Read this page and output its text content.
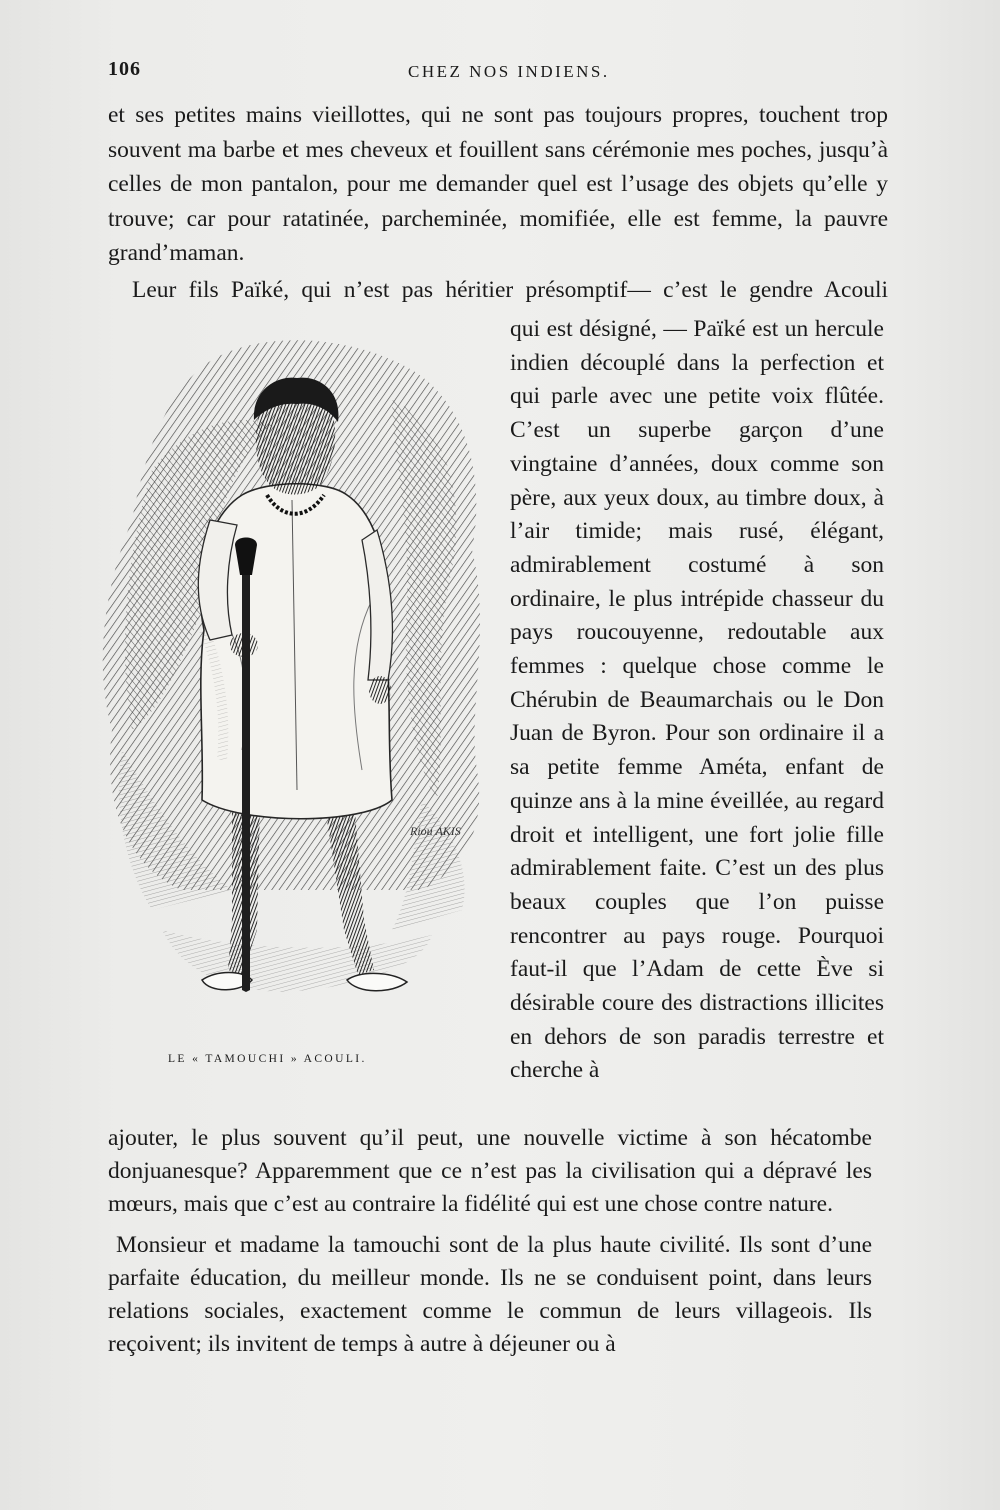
106	CHEZ NOS INDIENS.

et ses petites mains vieillottes, qui ne sont pas toujours propres, touchent trop souvent ma barbe et mes cheveux et fouillent sans cérémonie mes poches, jusqu’à celles de mon pantalon, pour me demander quel est l’usage des objets qu’elle y trouve; car pour ratatinée, parcheminée, momifiée, elle est femme, la pauvre grand’maman.

Leur fils Païké, qui n’est pas héritier présomptif— c’est le gendre Acouli

Riou AKIS
LE « TAMOUCHI » ACOULI.

qui est désigné, — Païké est un hercule indien découplé dans la perfection et qui parle avec une petite voix flûtée. C’est un superbe garçon d’une vingtaine d’années, doux comme son père, aux yeux doux, au timbre doux, à l’air timide; mais rusé, élégant, admirablement costumé à son ordinaire, le plus intrépide chasseur du pays roucouyenne, redoutable aux femmes : quelque chose comme le Chérubin de Beaumarchais ou le Don Juan de Byron. Pour son ordinaire il a sa petite femme Améta, enfant de quinze ans à la mine éveillée, au regard droit et intelligent, une fort jolie fille admirablement faite. C’est un des plus beaux couples que l’on puisse rencontrer au pays rouge. Pourquoi faut-il que l’Adam de cette Ève si désirable coure des distractions illicites en dehors de son paradis terrestre et cherche à

ajouter, le plus souvent qu’il peut, une nouvelle victime à son hécatombe donjuanesque? Apparemment que ce n’est pas la civilisation qui a dépravé les mœurs, mais que c’est au contraire la fidélité qui est une chose contre nature.

Monsieur et madame la tamouchi sont de la plus haute civilité. Ils sont d’une parfaite éducation, du meilleur monde. Ils ne se conduisent point, dans leurs relations sociales, exactement comme le commun de leurs villageois. Ils reçoivent; ils invitent de temps à autre à déjeuner ou à
